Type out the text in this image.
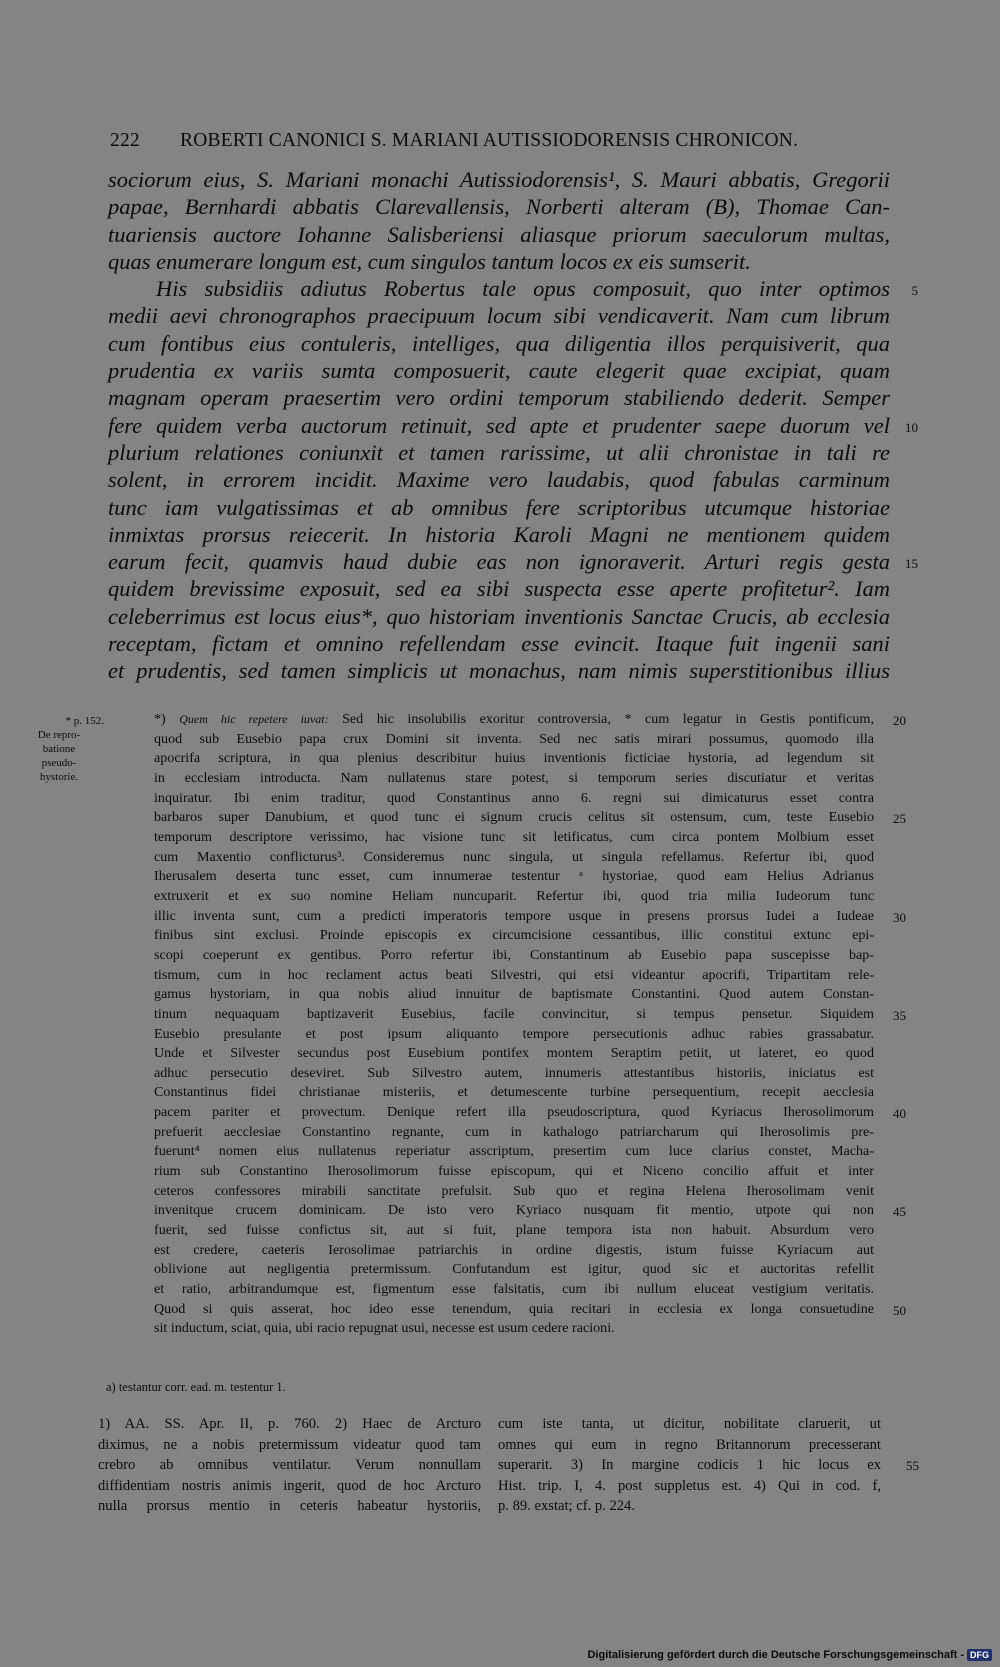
222 ROBERTI CANONICI S. MARIANI AUTISSIODORENSIS CHRONICON.
sociorum eius, S. Mariani monachi Autissiodorensis¹, S. Mauri abbatis, Gregorii
papae, Bernhardi abbatis Clarevallensis, Norberti alteram (B), Thomae Can-
tuariensis auctore Iohanne Salisberiensi aliasque priorum saeculorum multas,
quas enumerare longum est, cum singulos tantum locos ex eis sumserit.
His subsidiis adiutus Robertus tale opus composuit, quo inter optimos 5
medii aevi chronographos praecipuum locum sibi vendicaverit. Nam cum librum
cum fontibus eius contuleris, intelliges, qua diligentia illos perquisiverit, qua
prudentia ex variis sumta composuerit, caute elegerit quae excipiat, quam
magnam operam praesertim vero ordini temporum stabiliendo dederit. Semper
fere quidem verba auctorum retinuit, sed apte et prudenter saepe duorum vel 10
plurium relationes coniunxit et tamen rarissime, ut alii chronistae in tali re
solent, in errorem incidit. Maxime vero laudabis, quod fabulas carminum
tunc iam vulgatissimas et ab omnibus fere scriptoribus utcumque historiae
inmixtas prorsus reiecerit. In historia Karoli Magni ne mentionem quidem
earum fecit, quamvis haud dubie eas non ignoraverit. Arturi regis gesta 15
quidem brevissime exposuit, sed ea sibi suspecta esse aperte profitetur². Iam
celeberrimus est locus eius*, quo historiam inventionis Sanctae Crucis, ab ecclesia
receptam, fictam et omnino refellendam esse evincit. Itaque fuit ingenii sani
et prudentis, sed tamen simplicis ut monachus, nam nimis superstitionibus illius
* p. 152.
De repro-
batione
pseudo-
hystorie.
*) Quem hic repetere iuvat: Sed hic insolubilis exoritur controversia, * cum legatur in Gestis pontificum, 20
quod sub Eusebio papa crux Domini sit inventa. Sed nec satis mirari possumus, quomodo illa
apocrifa scriptura, in qua plenius describitur huius inventionis ficticiae hystoria, ad legendum sit
in ecclesiam introducta. Nam nullatenus stare potest, si temporum series discutiatur et veritas
inquiratur. Ibi enim traditur, quod Constantinus anno 6. regni sui dimicaturus esset contra
barbaros super Danubium, et quod tunc ei signum crucis celitus sit ostensum, cum, teste Eusebio 25
temporum descriptore verissimo, hac visione tunc sit letificatus, cum circa pontem Molbium esset
cum Maxentio conflicturus³. Consideremus nunc singula, ut singula refellamus. Refertur ibi, quod
Iherusalem deserta tunc esset, cum innumerae testentur ᵃ hystoriae, quod eam Helius Adrianus
extruxerit et ex suo nomine Heliam nuncuparit. Refertur ibi, quod tria milia Iudeorum tunc
illic inventa sunt, cum a predicti imperatoris tempore usque in presens prorsus Iudei a Iudeae 30
finibus sint exclusi. Proinde episcopis ex circumcisione cessantibus, illic constitui extunc epi-
scopi coeperunt ex gentibus. Porro refertur ibi, Constantinum ab Eusebio papa suscepisse bap-
tismum, cum in hoc reclament actus beati Silvestri, qui etsi videantur apocrifi, Tripartitam rele-
gamus hystoriam, in qua nobis aliud innuitur de baptismate Constantini. Quod autem Constan-
tinum nequaquam baptizaverit Eusebius, facile convincitur, si tempus pensetur. Siquidem 35
Eusebio presulante et post ipsum aliquanto tempore persecutionis adhuc rabies grassabatur.
Unde et Silvester secundus post Eusebium pontifex montem Seraptim petiit, ut lateret, eo quod
adhuc persecutio deseviret. Sub Silvestro autem, innumeris attestantibus historiis, iniciatus est
Constantinus fidei christianae misteriis, et detumescente turbine persequentium, recepit aecclesia
pacem pariter et provectum. Denique refert illa pseudoscriptura, quod Kyriacus Iherosolimorum 40
prefuerit aecclesiae Constantino regnante, cum in kathalogo patriarcharum qui Iherosolimis pre-
fuerunt⁴ nomen eius nullatenus reperiatur asscriptum, presertim cum luce clarius constet, Macha-
rium sub Constantino Iherosolimorum fuisse episcopum, qui et Niceno concilio affuit et inter
ceteros confessores mirabili sanctitate prefulsit. Sub quo et regina Helena Iherosolimam venit
invenitque crucem dominicam. De isto vero Kyriaco nusquam fit mentio, utpote qui non 45
fuerit, sed fuisse confictus sit, aut si fuit, plane tempora ista non habuit. Absurdum vero
est credere, caeteris Ierosolimae patriarchis in ordine digestis, istum fuisse Kyriacum aut
oblivione aut negligentia pretermissum. Confutandum est igitur, quod sic et auctoritas refellit
et ratio, arbitrandumque est, figmentum esse falsitatis, cum ibi nullum eluceat vestigium veritatis.
Quod si quis asserat, hoc ideo esse tenendum, quia recitari in ecclesia ex longa consuetudine 50
sit inductum, sciat, quia, ubi racio repugnat usui, necesse est usum cedere racioni.
a) testantur corr. ead. m. testentur 1.
1) AA. SS. Apr. II, p. 760. 2) Haec de Arcturo
diximus, ne a nobis pretermissum videatur quod tam
crebro ab omnibus ventilatur. Verum nonnullam
diffidentiam nostris animis ingerit, quod de hoc Arcturo
nulla prorsus mentio in ceteris habeatur hystoriis,
cum iste tanta, ut dicitur, nobilitate claruerit, ut
omnes qui eum in regno Britannorum precesserant
superarit. 3) In margine codicis 1 hic locus ex 55
Hist. trip. I, 4. post suppletus est. 4) Qui in cod. f,
p. 89. exstat; cf. p. 224.
Digitalisierung gefördert durch die Deutsche Forschungsgemeinschaft - DFG
